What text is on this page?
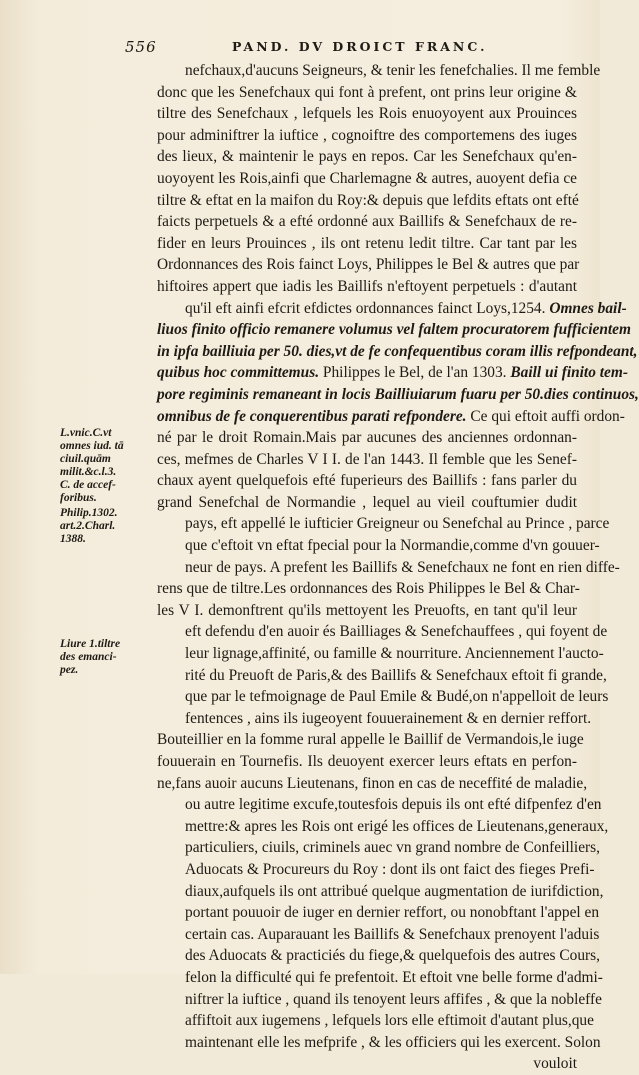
556	PAND. DV DROICT FRANC.
nefchaux,d'aucuns Seigneurs, & tenir les fenefchalies. Il me femble
donc que les Senefchaux qui font à prefent, ont prins leur origine &
tiltre des Senefchaux , lefquels les Rois enuoyoyent aux Prouinces
pour adminiftrer la iuftice , cognoiftre des comportemens des iuges
des lieux, & maintenir le pays en repos. Car les Senefchaux qu'en-
uoyoyent les Rois,ainfi que Charlemagne & autres, auoyent defia ce
tiltre & eftat en la maifon du Roy:& depuis que lefdits eftats ont efté
faicts perpetuels & a efté ordonné aux Baillifs & Senefchaux de re-
fider en leurs Prouinces , ils ont retenu ledit tiltre. Car tant par les
Ordonnances des Rois fainct Loys, Philippes le Bel & autres que par
hiftoires appert que iadis les Baillifs n'eftoyent perpetuels : d'autant
qu'il eft ainfi efcrit efdictes ordonnances fainct Loys,1254. Omnes bail-
liuos finito officio remanere volumus vel faltem procuratorem fufficientem
in ipfa bailliuia per 50. dies,vt de fe confequentibus coram illis refpondeant,
quibus hoc committemus. Philippes le Bel, de l'an 1303. Baill ui finito tem-
pore regiminis remaneant in locis Bailliuiarum fuaru per 50.dies continuos,
omnibus de fe conquerentibus parati refpondere. Ce qui eftoit auffi ordon-
né par le droit Romain.Mais par aucunes des anciennes ordonnan-
ces, mefmes de Charles V I I. de l'an 1443. Il femble que les Senef-
chaux ayent quelquefois efté fuperieurs des Baillifs : fans parler du
grand Senefchal de Normandie , lequel au vieil couftumier dudit
pays, eft appellé le iufticier Greigneur ou Senefchal au Prince , parce
que c'eftoit vn eftat fpecial pour la Normandie,comme d'vn gouuer-
neur de pays. A prefent les Baillifs & Senefchaux ne font en rien diffe-
rens que de tiltre.Les ordonnances des Rois Philippes le Bel & Char-
les V I. demonftrent qu'ils mettoyent les Preuofts, en tant qu'il leur
eft defendu d'en auoir és Bailliages & Senefchauffees , qui foyent de
leur lignage,affinité, ou famille & nourriture. Anciennement l'aucto-
rité du Preuoft de Paris,& des Baillifs & Senefchaux eftoit fi grande,
que par le tefmoignage de Paul Emile & Budé,on n'appelloit de leurs
fentences , ains ils iugeoyent fouuerainement & en dernier reffort.
Bouteillier en la fomme rural appelle le Baillif de Vermandois,le iuge
fouuerain en Tournefis. Ils deuoyent exercer leurs eftats en perfon-
ne,fans auoir aucuns Lieutenans, finon en cas de neceffité de maladie,
ou autre legitime excufe,toutesfois depuis ils ont efté difpenfez d'en
mettre:& apres les Rois ont erigé les offices de Lieutenans,generaux,
particuliers, ciuils, criminels auec vn grand nombre de Confeilliers,
Aduocats & Procureurs du Roy : dont ils ont faict des fieges Prefi-
diaux,aufquels ils ont attribué quelque augmentation de iurifdiction,
portant pouuoir de iuger en dernier reffort, ou nonobftant l'appel en
certain cas. Auparauant les Baillifs & Senefchaux prenoyent l'aduis
des Aduocats & practiciés du fiege,& quelquefois des autres Cours,
felon la difficulté qui fe prefentoit. Et eftoit vne belle forme d'admi-
niftrer la iuftice , quand ils tenoyent leurs affifes , & que la nobleffe
affiftoit aux iugemens , lefquels lors elle eftimoit d'autant plus,que
maintenant elle les mefprife , & les officiers qui les exercent. Solon
vouloit
L.vnic.C.vt
omnes iud. tā
ciuil.quām
milit.&c.l.3.
C. de accef-
foribus.
Philip.1302.
art.2.Charl.
1388.
Liure 1.tiltre
des emanci-
pez.
